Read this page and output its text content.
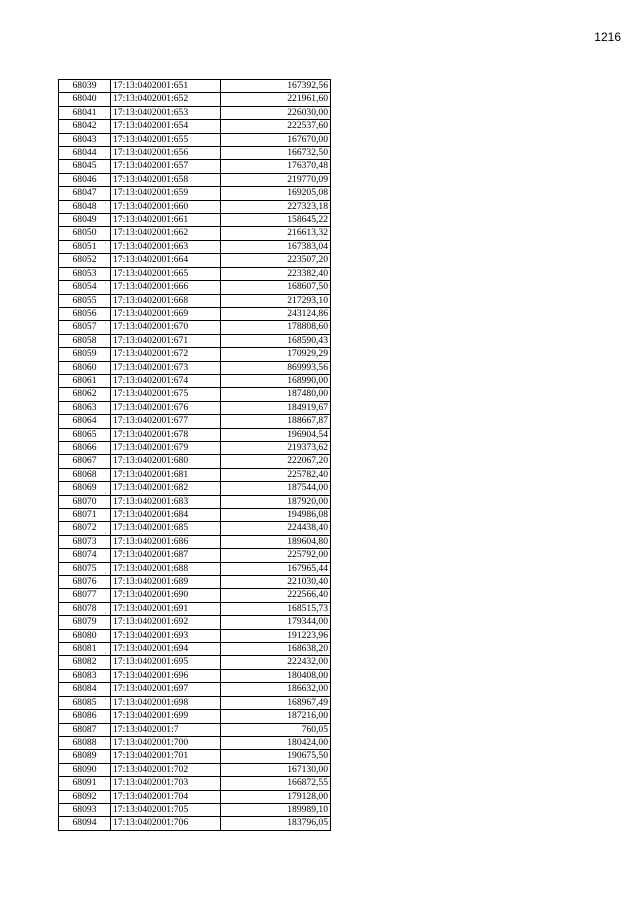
1216
68039	17:13:0402001:651	167392,56
68040	17:13:0402001:652	221961,60
68041	17:13:0402001:653	226030,00
68042	17:13:0402001:654	222537,60
68043	17:13:0402001:655	167670,00
68044	17:13:0402001:656	166732,50
68045	17:13:0402001:657	176370,48
68046	17:13:0402001:658	219770,09
68047	17:13:0402001:659	169205,08
68048	17:13:0402001:660	227323,18
68049	17:13:0402001:661	158645,22
68050	17:13:0402001:662	216613,32
68051	17:13:0402001:663	167383,04
68052	17:13:0402001:664	223507,20
68053	17:13:0402001:665	223382,40
68054	17:13:0402001:666	168607,50
68055	17:13:0402001:668	217293,10
68056	17:13:0402001:669	243124,86
68057	17:13:0402001:670	178808,60
68058	17:13:0402001:671	168590,43
68059	17:13:0402001:672	170929,29
68060	17:13:0402001:673	869993,56
68061	17:13:0402001:674	168990,00
68062	17:13:0402001:675	187480,00
68063	17:13:0402001:676	184919,67
68064	17:13:0402001:677	188667,87
68065	17:13:0402001:678	196904,54
68066	17:13:0402001:679	219373,62
68067	17:13:0402001:680	222067,20
68068	17:13:0402001:681	225782,40
68069	17:13:0402001:682	187544,00
68070	17:13:0402001:683	187920,00
68071	17:13:0402001:684	194986,08
68072	17:13:0402001:685	224438,40
68073	17:13:0402001:686	189604,80
68074	17:13:0402001:687	225792,00
68075	17:13:0402001:688	167965,44
68076	17:13:0402001:689	221030,40
68077	17:13:0402001:690	222566,40
68078	17:13:0402001:691	168515,73
68079	17:13:0402001:692	179344,00
68080	17:13:0402001:693	191223,96
68081	17:13:0402001:694	168638,20
68082	17:13:0402001:695	222432,00
68083	17:13:0402001:696	180408,00
68084	17:13:0402001:697	186632,00
68085	17:13:0402001:698	168967,49
68086	17:13:0402001:699	187216,00
68087	17:13:0402001:7	760,05
68088	17:13:0402001:700	180424,00
68089	17:13:0402001:701	190675,50
68090	17:13:0402001:702	167130,00
68091	17:13:0402001:703	166872,55
68092	17:13:0402001:704	179128,00
68093	17:13:0402001:705	189989,10
68094	17:13:0402001:706	183796,05
